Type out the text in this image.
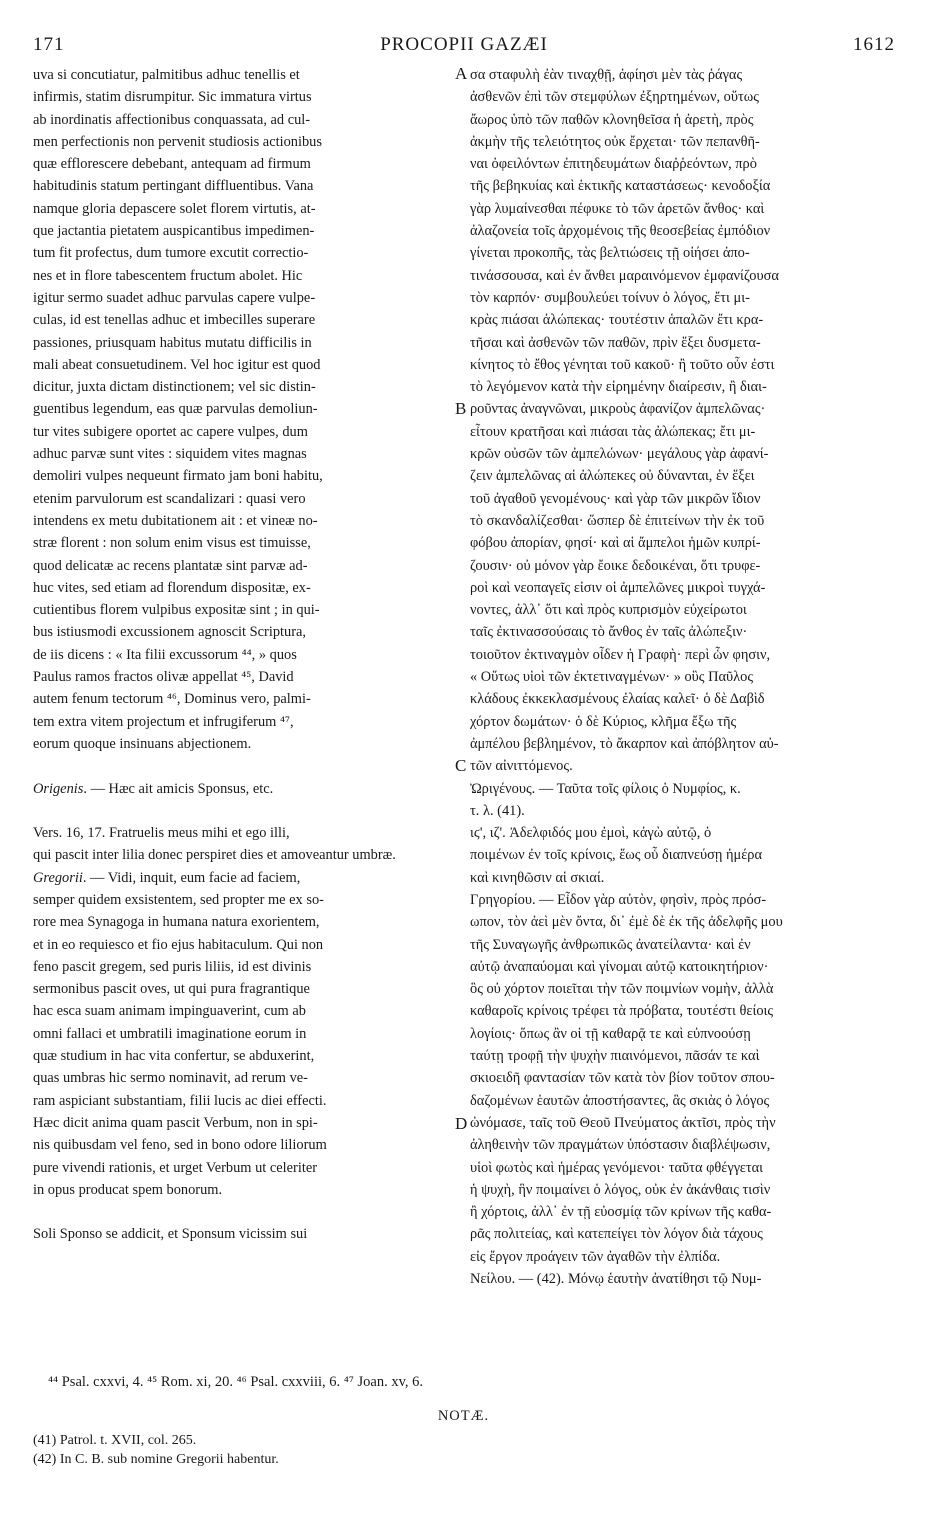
171	PROCOPII GAZÆI	1612
A
B
C
D
uva si concutiatur, palmitibus adhuc tenellis et
infirmis, statim disrumpitur. Sic immatura virtus
ab inordinatis affectionibus conquassata, ad cul-
men perfectionis non pervenit studiosis actionibus
quæ efflorescere debebant, antequam ad firmum
habitudinis statum pertingant diffluentibus. Vana
namque gloria depascere solet florem virtutis, at-
que jactantia pietatem auspicantibus impedimen-
tum fit profectus, dum tumore excutit correctio-
nes et in flore tabescentem fructum abolet. Hic
igitur sermo suadet adhuc parvulas capere vulpe-
culas, id est tenellas adhuc et imbecilles superare
passiones, priusquam habitus mutatu difficilis in
mali abeat consuetudinem. Vel hoc igitur est quod
dicitur, juxta dictam distinctionem; vel sic distin-
guentibus legendum, eas quæ parvulas demoliun-
tur vites subigere oportet ac capere vulpes, dum
adhuc parvæ sunt vites : siquidem vites magnas
demoliri vulpes nequeunt firmato jam boni habitu,
etenim parvulorum est scandalizari : quasi vero
intendens ex metu dubitationem ait : et vineæ no-
stræ florent : non solum enim visus est timuisse,
quod delicatæ ac recens plantatæ sint parvæ ad-
huc vites, sed etiam ad florendum dispositæ, ex-
cutientibus florem vulpibus expositæ sint ; in qui-
bus istiusmodi excussionem agnoscit Scriptura,
de iis dicens : « Ita filii excussorum ⁴⁴, » quos
Paulus ramos fractos olivæ appellat ⁴⁵, David
autem fenum tectorum ⁴⁶, Dominus vero, palmi-
tem extra vitem projectum et infrugiferum ⁴⁷,
eorum quoque insinuans abjectionem.
Origenis. — Hæc ait amicis Sponsus, etc.
Vers. 16, 17. Fratruelis meus mihi et ego illi,
qui pascit inter lilia donec perspiret dies et amoveantur umbræ.
Gregorii. — Vidi, inquit, eum facie ad faciem,
semper quidem exsistentem, sed propter me ex so-
rore mea Synagoga in humana natura exorientem,
et in eo requiesco et fio ejus habitaculum. Qui non
feno pascit gregem, sed puris liliis, id est divinis
sermonibus pascit oves, ut qui pura fragrantique
hac esca suam animam impinguaverint, cum ab
omni fallaci et umbratili imaginatione eorum in
quæ studium in hac vita confertur, se abduxerint,
quas umbras hic sermo nominavit, ad rerum ve-
ram aspiciant substantiam, filii lucis ac diei effecti.
Hæc dicit anima quam pascit Verbum, non in spi-
nis quibusdam vel feno, sed in bono odore liliorum
pure vivendi rationis, et urget Verbum ut celeriter
in opus producat spem bonorum.
Soli Sponso se addicit, et Sponsum vicissim sui
σα σταφυλὴ ἐὰν τιναχθῇ, ἀφίησι μὲν τὰς ῥάγας
ἀσθενῶν ἐπὶ τῶν στεμφύλων ἐξηρτημένων, οὕτως
ἄωρος ὑπὸ τῶν παθῶν κλονηθεῖσα ἡ ἀρετὴ, πρὸς
ἀκμὴν τῆς τελειότητος οὐκ ἔρχεται· τῶν πεπανθῆ-
ναι ὀφειλόντων ἐπιτηδευμάτων διαῤῥεόντων, πρὸ
τῆς βεβηκυίας καὶ ἑκτικῆς καταστάσεως· κενοδοξία
γὰρ λυμαίνεσθαι πέφυκε τὸ τῶν ἀρετῶν ἄνθος· καὶ
ἀλαζονεία τοῖς ἀρχομένοις τῆς θεοσεβείας ἐμπόδιον
γίνεται προκοπῆς, τὰς βελτιώσεις τῇ οἰήσει ἀπο-
τινάσσουσα, καὶ ἐν ἄνθει μαραινόμενον ἐμφανίζουσα
τὸν καρπόν· συμβουλεύει τοίνυν ὁ λόγος, ἔτι μι-
κρὰς πιάσαι ἀλώπεκας· τουτέστιν ἁπαλῶν ἔτι κρα-
τῆσαι καὶ ἀσθενῶν τῶν παθῶν, πρὶν ἕξει δυσμετα-
κίνητος τὸ ἔθος γένηται τοῦ κακοῦ· ἢ τοῦτο οὖν ἐστι
τὸ λεγόμενον κατὰ τὴν εἰρημένην διαίρεσιν, ἢ διαι-
ροῦντας ἀναγνῶναι, μικροὺς ἀφανίζον ἀμπελῶνας·
εἶτουν κρατῆσαι καὶ πιάσαι τὰς ἀλώπεκας; ἔτι μι-
κρῶν οὐσῶν τῶν ἀμπελώνων· μεγάλους γὰρ ἀφανί-
ζειν ἀμπελῶνας αἱ ἀλώπεκες οὐ δύνανται, ἐν ἕξει
τοῦ ἀγαθοῦ γενομένους· καὶ γὰρ τῶν μικρῶν ἴδιον
τὸ σκανδαλίζεσθαι· ὥσπερ δὲ ἐπιτείνων τὴν ἐκ τοῦ
φόβου ἀπορίαν, φησί· καὶ αἱ ἄμπελοι ἡμῶν κυπρί-
ζουσιν· οὐ μόνον γὰρ ἔοικε δεδοικέναι, ὅτι τρυφε-
ροὶ καὶ νεοπαγεῖς εἰσιν οἱ ἀμπελῶνες μικροὶ τυγχά-
νοντες, ἀλλ᾽ ὅτι καὶ πρὸς κυπρισμὸν εὐχείρωτοι
ταῖς ἐκτινασσούσαις τὸ ἄνθος ἐν ταῖς ἀλώπεξιν·
τοιοῦτον ἐκτιναγμὸν οἶδεν ἡ Γραφὴ· περὶ ὧν φησιν,
« Οὕτως υἱοὶ τῶν ἐκτετιναγμένων· » οὓς Παῦλος
κλάδους ἐκκεκλασμένους ἐλαίας καλεῖ· ὁ δὲ Δαβὶδ
χόρτον δωμάτων· ὁ δὲ Κύριος, κλῆμα ἔξω τῆς
ἀμπέλου βεβλημένον, τὸ ἄκαρπον καὶ ἀπόβλητον αὐ-
τῶν αἰνιττόμενος.
Ὠριγένους. — Ταῦτα τοῖς φίλοις ὁ Νυμφίος, κ.
τ. λ. (41).
ιϛ', ιζ'. Ἀδελφιδός μου ἐμοὶ, κἀγὼ αὐτῷ, ὁ
ποιμένων ἐν τοῖς κρίνοις, ἕως οὗ διαπνεύσῃ ἡμέρα
καὶ κινηθῶσιν αἱ σκιαί.
Γρηγορίου. — Εἶδον γὰρ αὐτὸν, φησὶν, πρὸς πρόσ-
ωπον, τὸν ἀεὶ μὲν ὄντα, δι᾽ ἐμὲ δὲ ἐκ τῆς ἀδελφῆς μου
τῆς Συναγωγῆς ἀνθρωπικῶς ἀνατείλαντα· καὶ ἐν
αὐτῷ ἀναπαύομαι καὶ γίνομαι αὐτῷ κατοικητήριον·
ὃς οὐ χόρτον ποιεῖται τὴν τῶν ποιμνίων νομὴν, ἀλλὰ
καθαροῖς κρίνοις τρέφει τὰ πρόβατα, τουτέστι θείοις
λογίοις· ὅπως ἂν οἱ τῇ καθαρᾷ τε καὶ εὐπνοούσῃ
ταύτῃ τροφῇ τὴν ψυχὴν πιαινόμενοι, πᾶσάν τε καὶ
σκιοειδῆ φαντασίαν τῶν κατὰ τὸν βίον τοῦτον σπου-
δαζομένων ἑαυτῶν ἀποστήσαντες, ἃς σκιὰς ὁ λόγος
ὠνόμασε, ταῖς τοῦ Θεοῦ Πνεύματος ἀκτῖσι, πρὸς τὴν
ἀληθεινὴν τῶν πραγμάτων ὑπόστασιν διαβλέψωσιν,
υἱοὶ φωτὸς καὶ ἡμέρας γενόμενοι· ταῦτα φθέγγεται
ἡ ψυχὴ, ἣν ποιμαίνει ὁ λόγος, οὐκ ἐν ἀκάνθαις τισὶν
ἢ χόρτοις, ἀλλ᾽ ἐν τῇ εὐοσμίᾳ τῶν κρίνων τῆς καθα-
ρᾶς πολιτείας, καὶ κατεπείγει τὸν λόγον διὰ τάχους
εἰς ἔργον προάγειν τῶν ἀγαθῶν τὴν ἐλπίδα.
Νείλου. — (42). Μόνῳ ἑαυτὴν ἀνατίθησι τῷ Νυμ-
⁴⁴ Psal. cxxvi, 4. ⁴⁵ Rom. xi, 20. ⁴⁶ Psal. cxxviii, 6. ⁴⁷ Joan. xv, 6.
NOTÆ.
(41) Patrol. t. XVII, col. 265.
(42) In C. B. sub nomine Gregorii habentur.
